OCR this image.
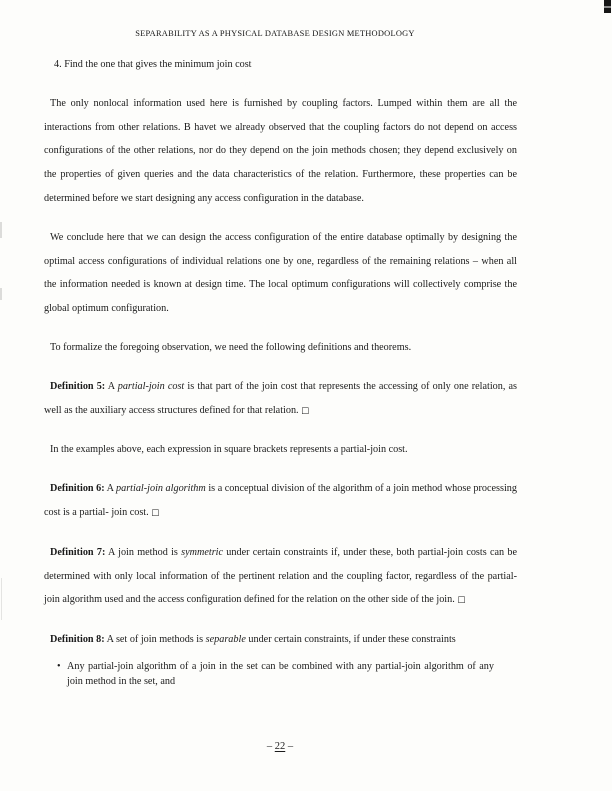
SEPARABILITY AS A PHYSICAL DATABASE DESIGN METHODOLOGY
4. Find the one that gives the minimum join cost

The only nonlocal information used here is furnished by coupling factors. Lumped within them are all the interactions from other relations. B havet we already observed that the coupling factors do not depend on access configurations of the other relations, nor do they depend on the join methods chosen; they depend exclusively on the properties of given queries and the data characteristics of the relation. Furthermore, these properties can be determined before we start designing any access configuration in the database.

We conclude here that we can design the access configuration of the entire database optimally by designing the optimal access configurations of individual relations one by one, regardless of the remaining relations – when all the information needed is known at design time. The local optimum configurations will collectively comprise the global optimum configuration.

To formalize the foregoing observation, we need the following definitions and theorems.

Definition 5: A partial-join cost is that part of the join cost that represents the accessing of only one relation, as well as the auxiliary access structures defined for that relation. □

In the examples above, each expression in square brackets represents a partial-join cost.

Definition 6: A partial-join algorithm is a conceptual division of the algorithm of a join method whose processing cost is a partial- join cost. □

Definition 7: A join method is symmetric under certain constraints if, under these, both partial-join costs can be determined with only local information of the pertinent relation and the coupling factor, regardless of the partial-join algorithm used and the access configuration defined for the relation on the other side of the join. □

Definition 8: A set of join methods is separable under certain constraints, if under these constraints

• Any partial-join algorithm of a join in the set can be combined with any partial-join algorithm of any join method in the set, and
– 22 –
